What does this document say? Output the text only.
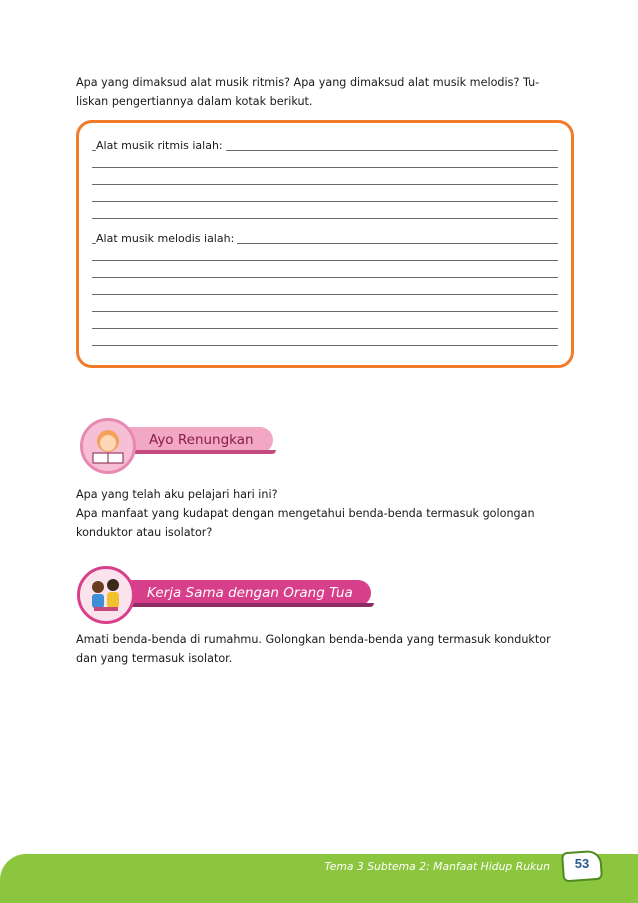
Apa yang dimaksud alat musik ritmis? Apa yang dimaksud alat musik melodis? Tu-
liskan pengertiannya dalam kotak berikut.
Alat musik ritmis ialah:
Alat musik melodis ialah:
Ayo Renungkan
Apa yang telah aku pelajari hari ini?
Apa manfaat yang kudapat dengan mengetahui benda-benda termasuk golongan
konduktor atau isolator?
Kerja Sama dengan Orang Tua
Amati benda-benda di rumahmu. Golongkan benda-benda yang termasuk konduktor
dan yang termasuk isolator.
Tema 3 Subtema 2: Manfaat Hidup Rukun	53
